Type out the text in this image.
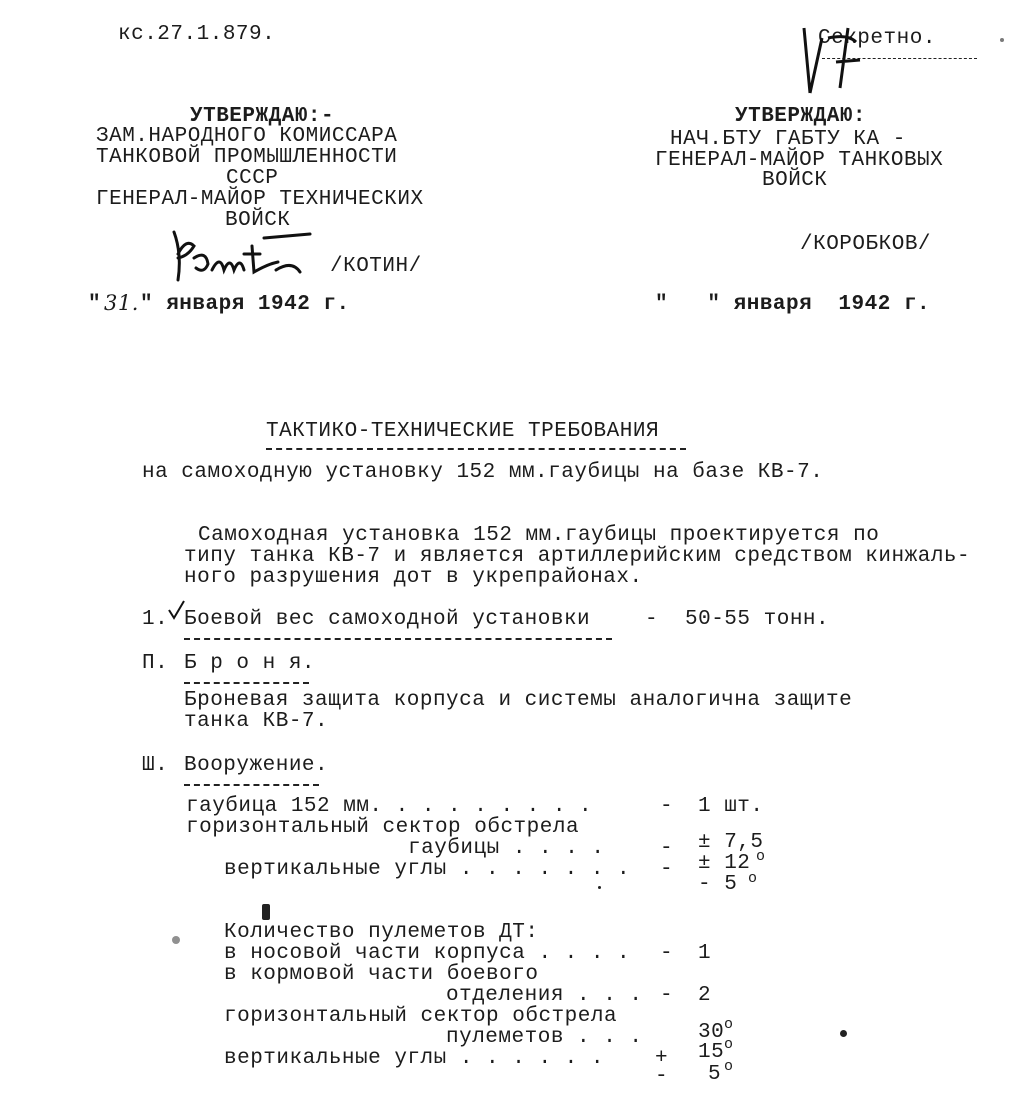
кс.27.1.879.	Секретно.
УТВЕРЖДАЮ:-
ЗАМ.НАРОДНОГО КОМИССАРА
ТАНКОВОЙ ПРОМЫШЛЕННОСТИ
СССР
ГЕНЕРАЛ-МАЙОР ТЕХНИЧЕСКИХ
ВОЙСК
/КОТИН/
" 31. " января 1942 г.
УТВЕРЖДАЮ:
НАЧ.БТУ ГАБТУ КА -
ГЕНЕРАЛ-МАЙОР ТАНКОВЫХ
ВОЙСК
/КОРОБКОВ/
"   " января  1942 г.
ТАКТИКО-ТЕХНИЧЕСКИЕ ТРЕБОВАНИЯ
на самоходную установку 152 мм.гаубицы на базе КВ-7.
Самоходная установка 152 мм.гаубицы проектируется по
типу танка КВ-7 и является артиллерийским средством кинжаль-
ного разрушения дот в укрепрайонах.
1. Боевой вес самоходной установки	- 50-55 тонн.
П. Б р о н я.
Броневая защита корпуса и системы аналогична защите
танка КВ-7.
Ш. Вооружение.
гаубица 152 мм. . . . . . . . .	- 1 шт.
горизонтальный сектор обстрела
гаубицы . . . .	- ± 7,5
вертикальные углы . . . . . . . - ± 12 о
- 5 о
Количество пулеметов ДТ:
в носовой части корпуса . . . . - 1
в кормовой части боевого
отделения . . . - 2
горизонтальный сектор обстрела
пулеметов . . .	30 о
вертикальные углы . . . . . . + 15 о
- 5 о
